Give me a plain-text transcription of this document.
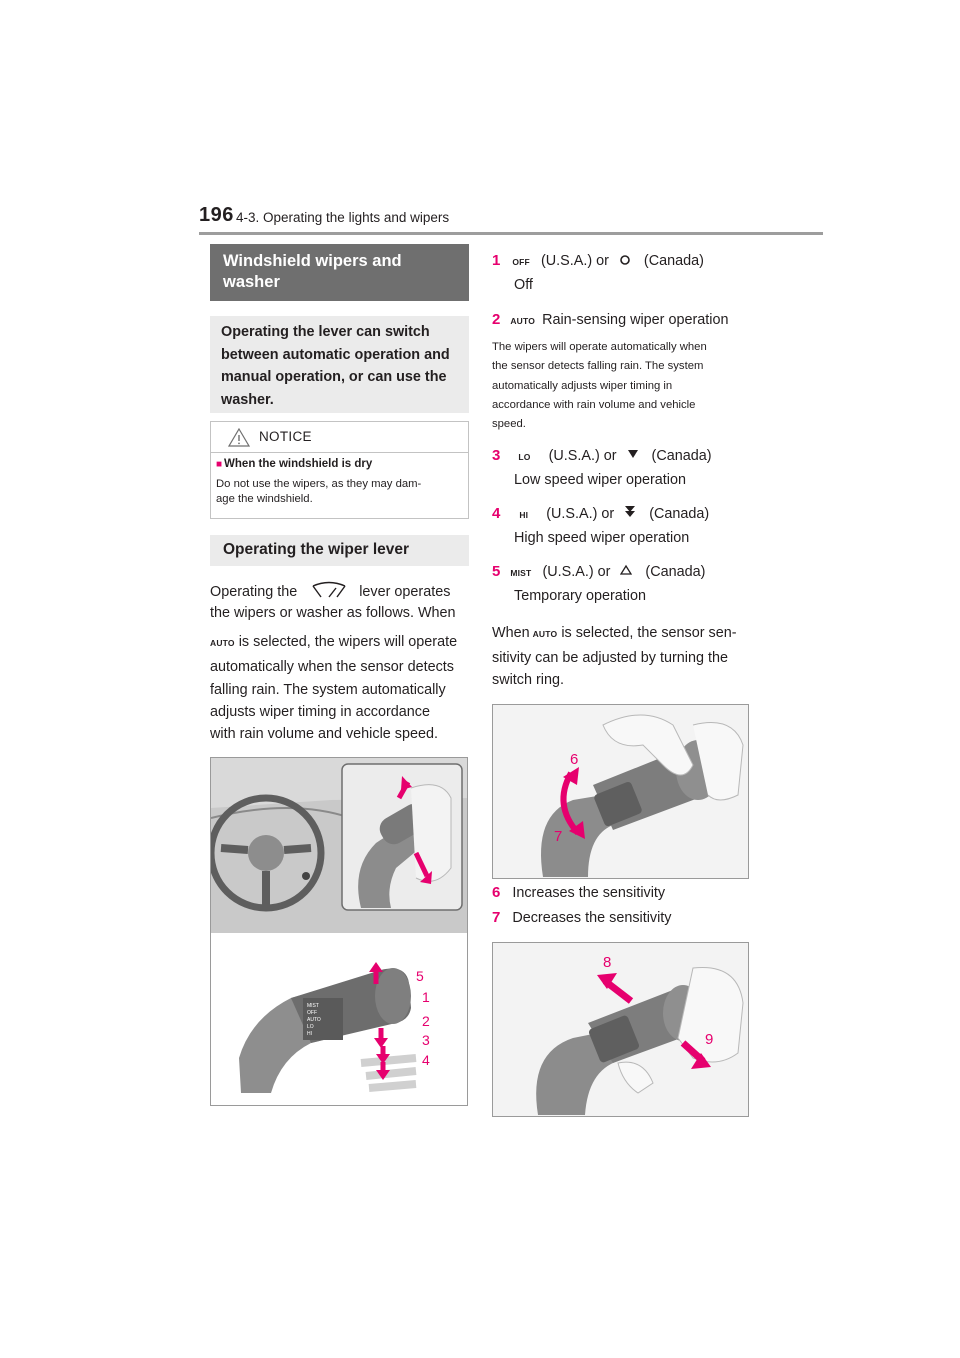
196 4-3. Operating the lights and wipers
Windshield wipers and
washer
Operating the lever can switch
between automatic operation and
manual operation, or can use the
washer.
NOTICE
■ When the windshield is dry
Do not use the wipers, as they may dam-
age the windshield.
Operating the wiper lever
Operating the	lever operates
the wipers or washer as follows. When
AUTO is selected, the wipers will operate
automatically when the sensor detects
falling rain. The system automatically
adjusts wiper timing in accordance
with rain volume and vehicle speed.
MIST
OFF
AUTO
LO
HI
5
1
2
3
4
1 OFF (U.S.A.) or (Canada)
Off
2 AUTO Rain-sensing wiper operation
The wipers will operate automatically when
the sensor detects falling rain. The system
automatically adjusts wiper timing in
accordance with rain volume and vehicle
speed.
3 LO (U.S.A.) or (Canada)
Low speed wiper operation
4 HI (U.S.A.) or (Canada)
High speed wiper operation
5 MIST (U.S.A.) or (Canada)
Temporary operation
When AUTO is selected, the sensor sen-
sitivity can be adjusted by turning the
switch ring.
6
7
6 Increases the sensitivity
7 Decreases the sensitivity
8
9
